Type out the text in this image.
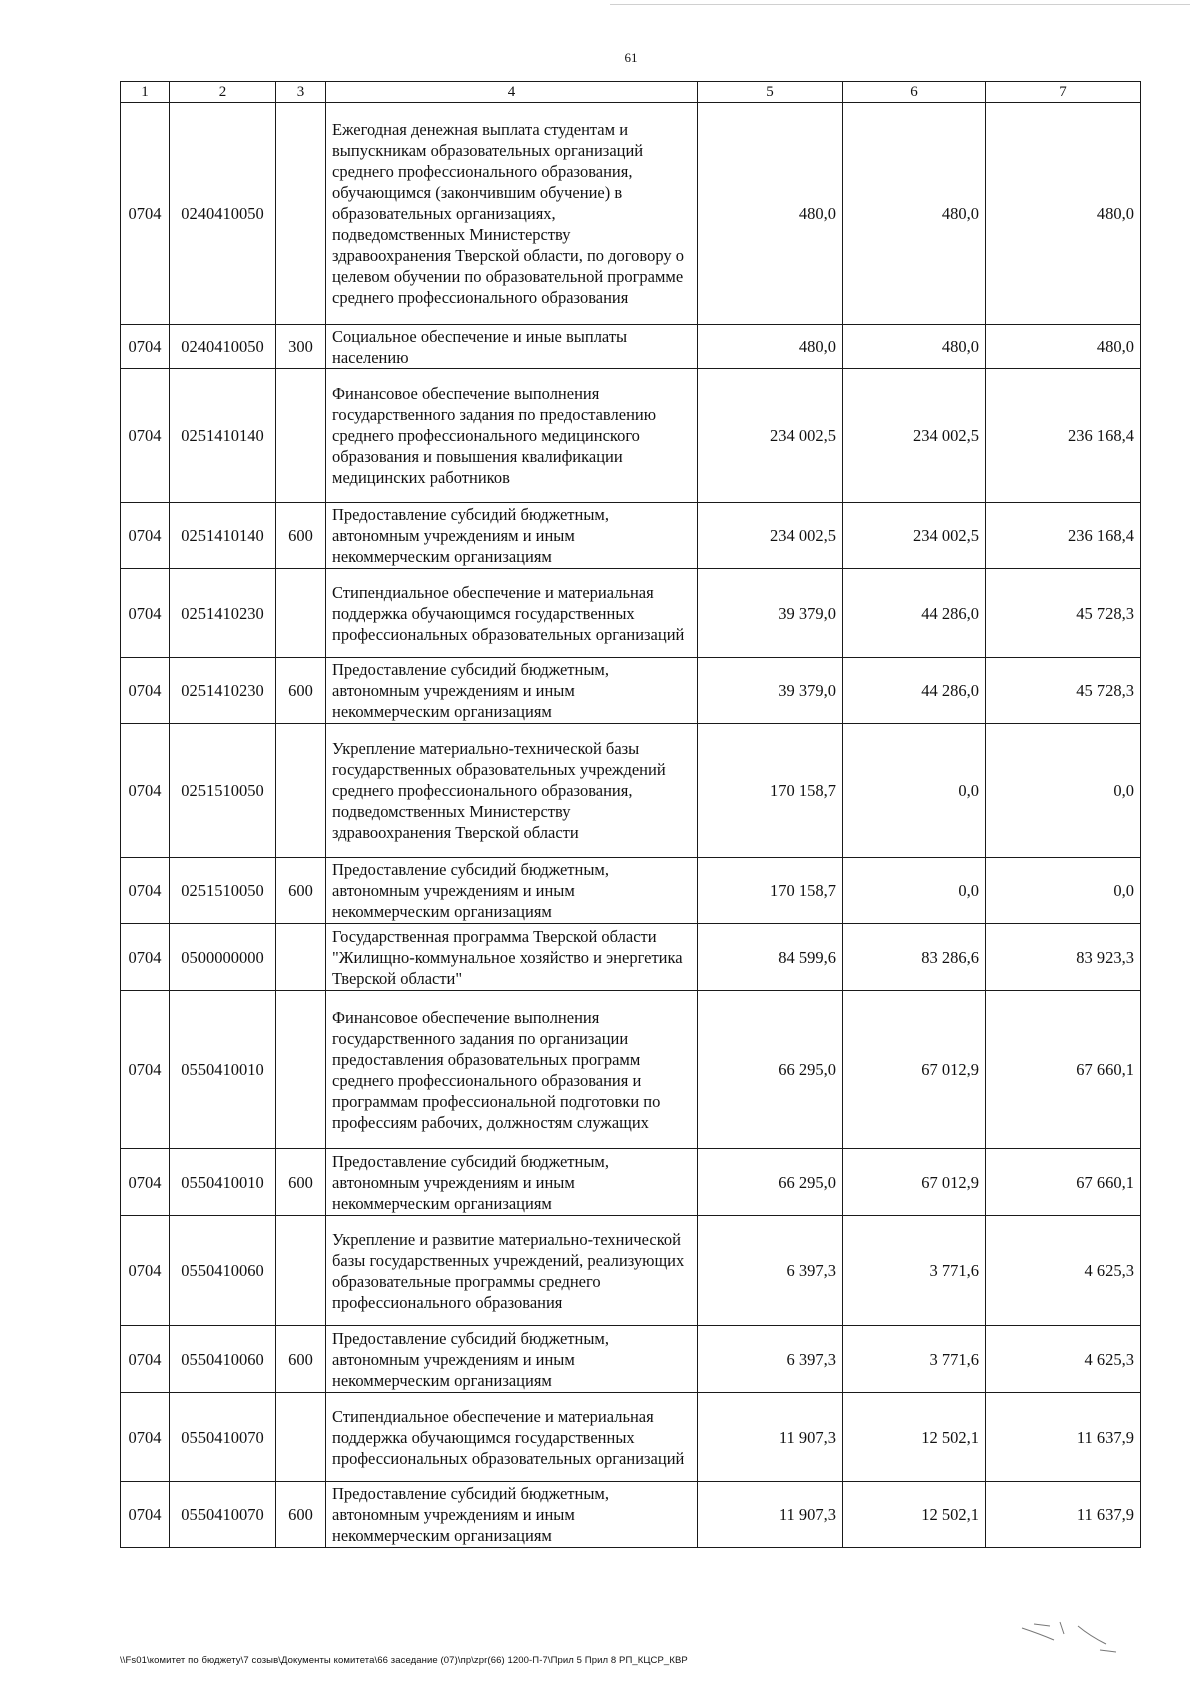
61
1	2	3	4	5	6	7
0704	0240410050		Ежегодная денежная выплата студентам и выпускникам образовательных организаций среднего профессионального образования, обучающимся (закончившим обучение) в образовательных организациях, подведомственных Министерству здравоохранения Тверской области, по договору о целевом обучении по образовательной программе среднего профессионального образования	480,0	480,0	480,0
0704	0240410050	300	Социальное обеспечение и иные выплаты населению	480,0	480,0	480,0
0704	0251410140		Финансовое обеспечение выполнения государственного задания по предоставлению среднего профессионального медицинского образования и повышения квалификации медицинских работников	234 002,5	234 002,5	236 168,4
0704	0251410140	600	Предоставление субсидий бюджетным, автономным учреждениям и иным некоммерческим организациям	234 002,5	234 002,5	236 168,4
0704	0251410230		Стипендиальное обеспечение и материальная поддержка обучающимся государственных профессиональных образовательных организаций	39 379,0	44 286,0	45 728,3
0704	0251410230	600	Предоставление субсидий бюджетным, автономным учреждениям и иным некоммерческим организациям	39 379,0	44 286,0	45 728,3
0704	0251510050		Укрепление материально-технической базы государственных образовательных учреждений среднего профессионального образования, подведомственных Министерству здравоохранения Тверской области	170 158,7	0,0	0,0
0704	0251510050	600	Предоставление субсидий бюджетным, автономным учреждениям и иным некоммерческим организациям	170 158,7	0,0	0,0
0704	0500000000		Государственная программа Тверской области "Жилищно-коммунальное хозяйство и энергетика Тверской области"	84 599,6	83 286,6	83 923,3
0704	0550410010		Финансовое обеспечение выполнения государственного задания по организации предоставления образовательных программ среднего профессионального образования и программам профессиональной подготовки по профессиям рабочих, должностям служащих	66 295,0	67 012,9	67 660,1
0704	0550410010	600	Предоставление субсидий бюджетным, автономным учреждениям и иным некоммерческим организациям	66 295,0	67 012,9	67 660,1
0704	0550410060		Укрепление и развитие материально-технической базы государственных учреждений, реализующих образовательные программы среднего профессионального образования	6 397,3	3 771,6	4 625,3
0704	0550410060	600	Предоставление субсидий бюджетным, автономным учреждениям и иным некоммерческим организациям	6 397,3	3 771,6	4 625,3
0704	0550410070		Стипендиальное обеспечение и материальная поддержка обучающимся государственных профессиональных образовательных организаций	11 907,3	12 502,1	11 637,9
0704	0550410070	600	Предоставление субсидий бюджетным, автономным учреждениям и иным некоммерческим организациям	11 907,3	12 502,1	11 637,9
\\Fs01\комитет по бюджету\7 созыв\Документы комитета\66 заседание (07)\пр\zpr(66) 1200-П-7\Прил 5 Прил 8 РП_КЦСР_КВР
